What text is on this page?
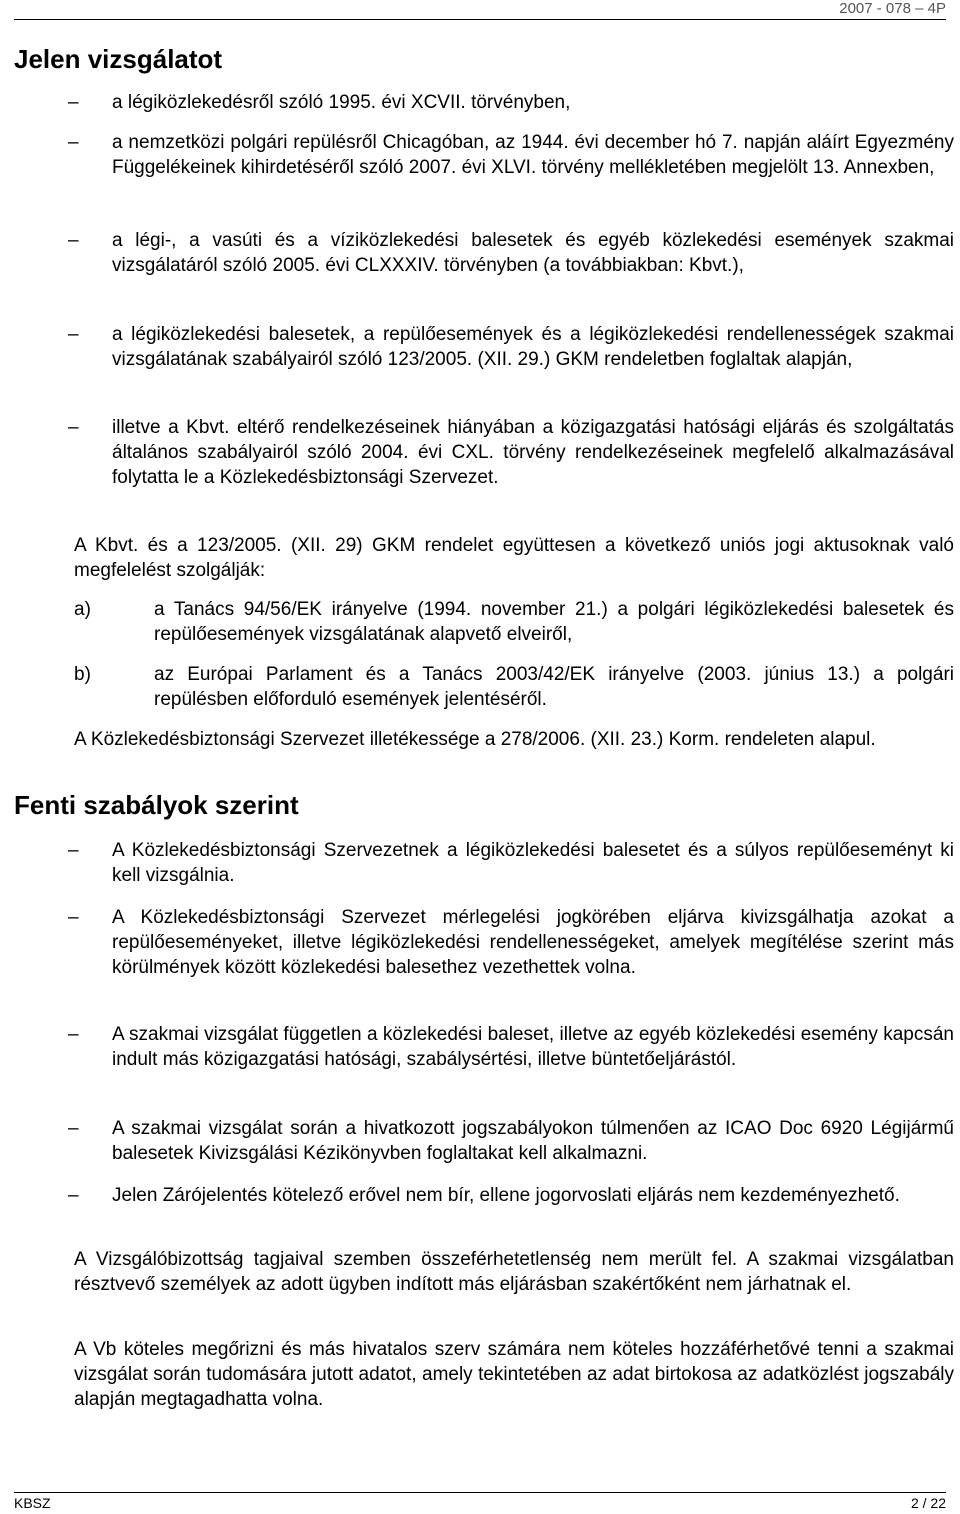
2007 - 078 – 4P
Jelen vizsgálatot
– a légiközlekedésről szóló 1995. évi XCVII. törvényben,
– a nemzetközi polgári repülésről Chicagóban, az 1944. évi december hó 7. napján aláírt Egyezmény Függelékeinek kihirdetéséről szóló 2007. évi XLVI. törvény mellékletében megjelölt 13. Annexben,
– a légi-, a vasúti és a víziközlekedési balesetek és egyéb közlekedési események szakmai vizsgálatáról szóló 2005. évi CLXXXIV. törvényben (a továbbiakban: Kbvt.),
– a légiközlekedési balesetek, a repülőesemények és a légiközlekedési rendellenességek szakmai vizsgálatának szabályairól szóló 123/2005. (XII. 29.) GKM rendeletben foglaltak alapján,
– illetve a Kbvt. eltérő rendelkezéseinek hiányában a közigazgatási hatósági eljárás és szolgáltatás általános szabályairól szóló 2004. évi CXL. törvény rendelkezéseinek megfelelő alkalmazásával folytatta le a Közlekedésbiztonsági Szervezet.
A Kbvt. és a 123/2005. (XII. 29) GKM rendelet együttesen a következő uniós jogi aktusoknak való megfelelést szolgálják:
a)	a Tanács 94/56/EK irányelve (1994. november 21.) a polgári légiközlekedési balesetek és repülőesemények vizsgálatának alapvető elveiről,
b)	az Európai Parlament és a Tanács 2003/42/EK irányelve (2003. június 13.) a polgári repülésben előforduló események jelentéséről.
A Közlekedésbiztonsági Szervezet illetékessége a 278/2006. (XII. 23.) Korm. rendeleten alapul.
Fenti szabályok szerint
– A Közlekedésbiztonsági Szervezetnek a légiközlekedési balesetet és a súlyos repülőeseményt ki kell vizsgálnia.
– A Közlekedésbiztonsági Szervezet mérlegelési jogkörében eljárva kivizsgálhatja azokat a repülőeseményeket, illetve légiközlekedési rendellenességeket, amelyek megítélése szerint más körülmények között közlekedési balesethez vezethettek volna.
– A szakmai vizsgálat független a közlekedési baleset, illetve az egyéb közlekedési esemény kapcsán indult más közigazgatási hatósági, szabálysértési, illetve büntetőeljárástól.
– A szakmai vizsgálat során a hivatkozott jogszabályokon túlmenően az ICAO Doc 6920 Légijármű balesetek Kivizsgálási Kézikönyvben foglaltakat kell alkalmazni.
– Jelen Zárójelentés kötelező erővel nem bír, ellene jogorvoslati eljárás nem kezdeményezhető.
A Vizsgálóbizottság tagjaival szemben összeférhetetlenség nem merült fel. A szakmai vizsgálatban résztvevő személyek az adott ügyben indított más eljárásban szakértőként nem járhatnak el.
A Vb köteles megőrizni és más hivatalos szerv számára nem köteles hozzáférhetővé tenni a szakmai vizsgálat során tudomására jutott adatot, amely tekintetében az adat birtokosa az adatközlést jogszabály alapján megtagadhatta volna.
KBSZ	2 / 22
